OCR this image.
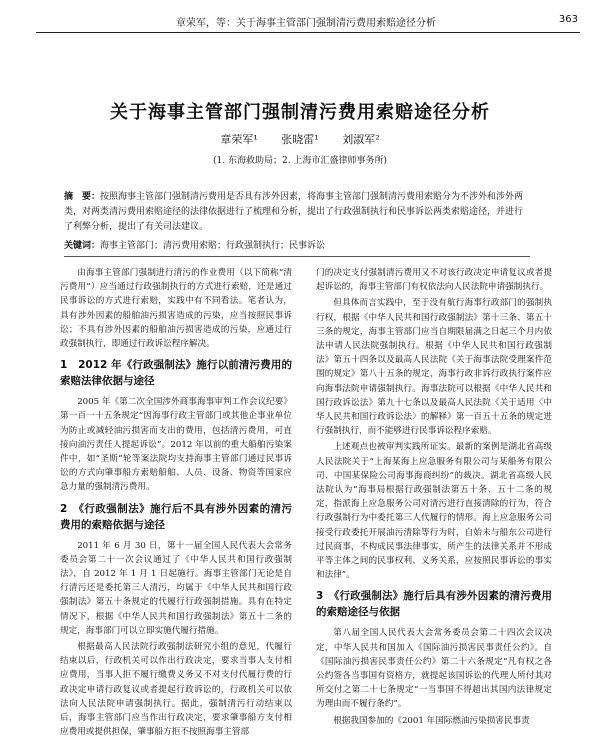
章荣军，等：关于海事主管部门强制清污费用索赔途径分析	363
关于海事主管部门强制清污费用索赔途径分析
章荣军¹ 张晓雷¹ 刘淑军²
(1. 东海救助局；2. 上海市汇盛律师事务所)
摘　要：按照海事主管部门强制清污费用是否具有涉外因素，将海事主管部门强制清污费用索赔分为不涉外和涉外两类，对两类清污费用索赔途径的法律依据进行了梳理和分析，提出了行政强制执行和民事诉讼两类索赔途径，并进行了利弊分析，提出了有关司法建议。
关键词：海事主管部门；清污费用索赔；行政强制执行；民事诉讼

由海事主管部门强制进行清污的作业费用（以下简称“清污费用”）应当通过行政强制执行的方式进行索赔，还是通过民事诉讼的方式进行索赔，实践中有不同看法。笔者认为，具有涉外因素的船舶油污损害造成的污染，应当按照民事诉讼；不具有涉外因素的船舶油污损害造成的污染，应通过行政强制执行，即通过行政诉讼程序解决。

1　2012 年《行政强制法》施行以前清污费用的索赔法律依据与途径

2005 年《第二次全国涉外商事海事审判工作会议纪要》第一百一十五条规定“因海事行政主管部门或其他企事业单位为防止或减轻油污损害而支出的费用，包括清污费用，可直接向油污责任人提起诉讼”。2012 年以前的重大船舶污染案件中，如“圣斯”轮等案法院均支持海事主管部门通过民事诉讼的方式向肇事船方索赔船舶、人员、设备、物资等国家应急力量的强制清污费用。

2　《行政强制法》施行后不具有涉外因素的清污费用的索赔依据与途径

2011 年 6 月 30 日，第十一届全国人民代表大会常务委员会第二十一次会议通过了《中华人民共和国行政强制法》，自 2012 年 1 月 1 日起施行。海事主管部门无论是自行清污还是委托第三人清污，均属于《中华人民共和国行政强制法》第五十条规定的代履行行政强制措施。具有在特定情况下，根据《中华人民共和国行政强制法》第五十二条的规定，海事部门可以立即实施代履行措施。

根据最高人民法院行政强制法研究小组的意见，代履行结束以后，行政机关可以作出行政决定，要求当事人支付相应费用，当事人拒不履行缴费义务又不对支付代履行费的行政决定申请行政复议或者提起行政诉讼的，行政机关可以依法向人民法院申请强制执行。据此，强制清污行动结束以后，海事主管部门应当作出行政决定，要求肇事船方支付相应费用或提供担保，肇事船方拒不按照海事主管部

门的决定支付强制清污费用又不对该行政决定申请复议或者提起诉讼的，海事主管部门有权依法向人民法院申请强制执行。

但具体而言实践中，至于没有航行海事行政部门的强制执行权，根据《中华人民共和国行政强制法》第十三条、第五十三条的规定，海事主管部门应当自期限届满之日起三个月内依法申请人民法院强制执行。根据《中华人民共和国行政强制法》第五十四条以及最高人民法院《关于海事法院受理案件范围的规定》第八十五条的规定，海事行政非诉行政执行案件应向海事法院申请强制执行。海事法院可以根据《中华人民共和国行政诉讼法》第九十七条以及最高人民法院《关于适用〈中华人民共和国行政诉讼法〉的解释》第一百五十五条的规定进行强制执行，而不能够进行民事诉讼程序索赔。

上述观点也被审判实践所证实。最新的案例是湖北省高级人民法院关于“上海某海上应急服务有限公司与某船务有限公司、中国某保险公司海事海商纠纷”的裁决。湖北省高级人民法院认为“海事局根据行政强制法第五十条、五十二条的规定，指派海上应急服务公司对清污进行直接清除的行为，符合行政强制行为中委托第三人代履行的情形。海上应急服务公司接受行政委托开展油污清除等行为时，自始未与船东公司进行过民商事，不构成民事法律事实，所产生的法律关系并不形成平等主体之间的民事权利、义务关系，应按照民事诉讼的事实和法律”。

3　《行政强制法》施行后具有涉外因素的清污费用的索赔途径与依据

第八届全国人民代表大会常务委员会第二十四次会议决定，中华人民共和国加入《国际油污损害民事责任公约》。自《国际油污损害民事责任公约》第二十六条规定“凡有权之各公约签各当事国有资格方，就提起该国诉讼的代理人所付其对所交付之第二十七条规定“一当事国不得超出其国内法律规定为理由而不履行条约”。

根据我国参加的《2001 年国际燃油污染损害民事责
